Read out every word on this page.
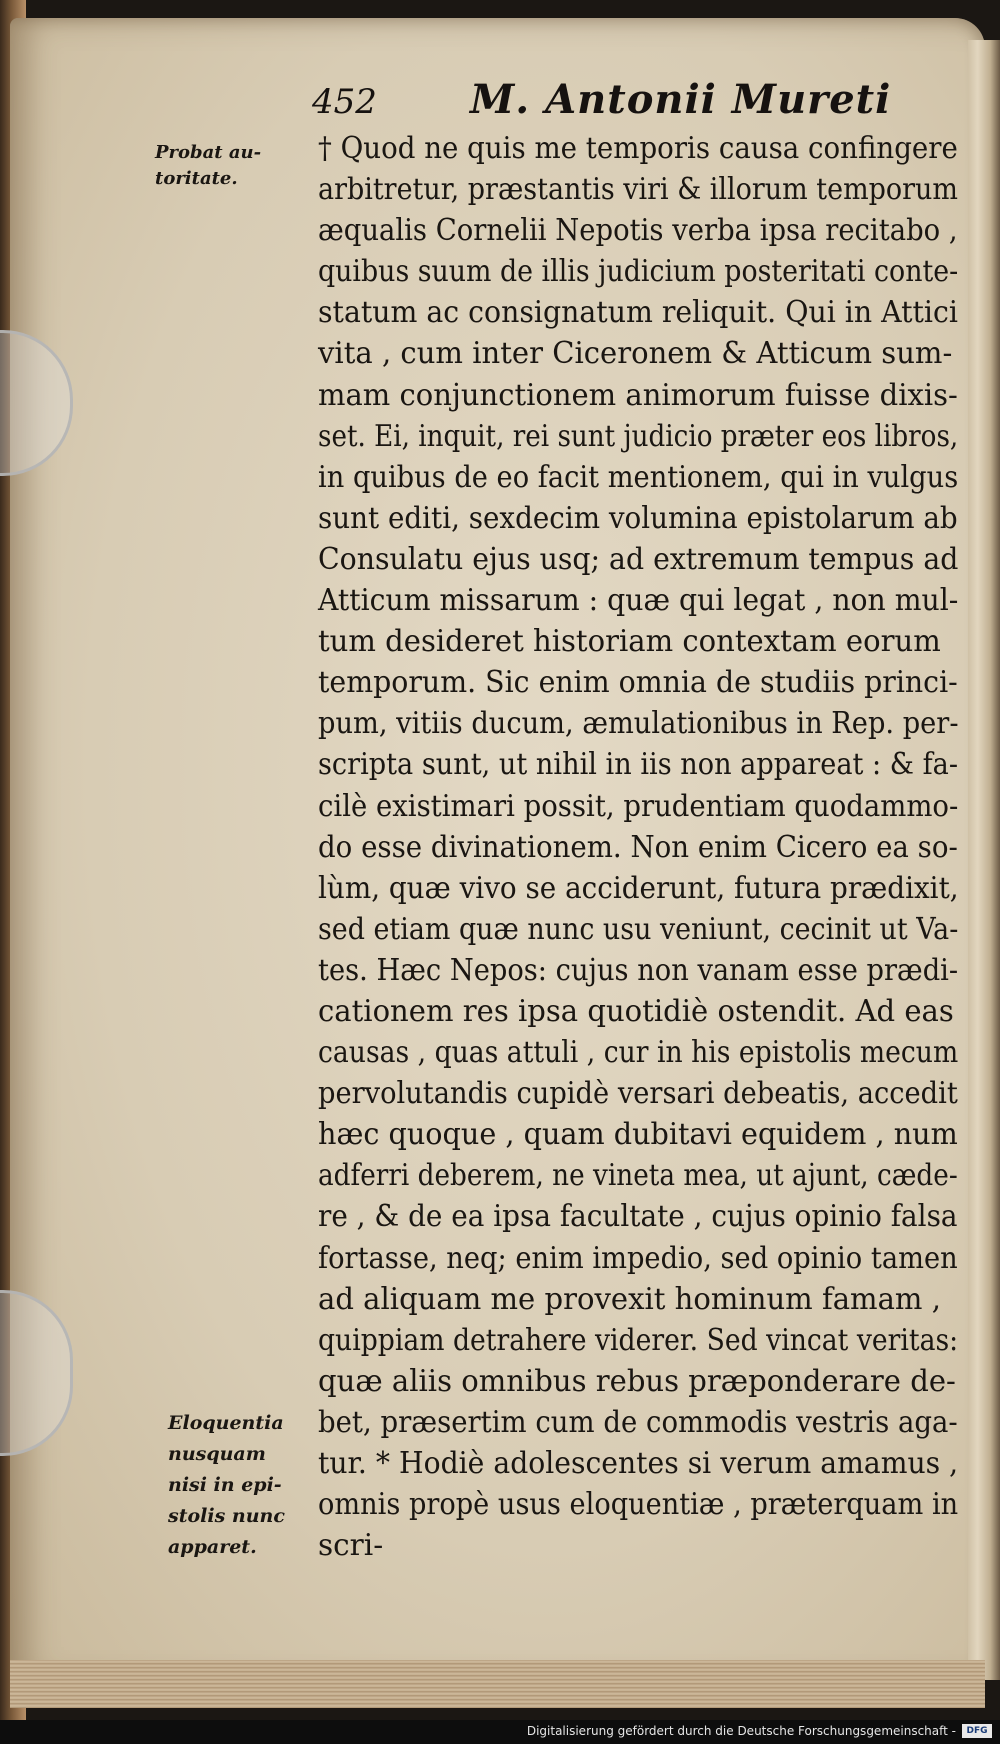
452 M. Antonii Mureti
Probat au-
toritate.
Eloquentia
nusquam
nisi in epi-
stolis nunc
apparet.
† Quod ne quis me temporis causa confingere
arbitretur, præstantis viri & illorum temporum
æqualis Cornelii Nepotis verba ipsa recitabo ,
quibus suum de illis judicium posteritati conte-
statum ac consignatum reliquit. Qui in Attici
vita , cum inter Ciceronem & Atticum sum-
mam conjunctionem animorum fuisse dixis-
set. Ei, inquit, rei sunt judicio præter eos libros,
in quibus de eo facit mentionem, qui in vulgus
sunt editi, sexdecim volumina epistolarum ab
Consulatu ejus usq; ad extremum tempus ad
Atticum missarum : quæ qui legat , non mul-
tum desideret historiam contextam eorum
temporum. Sic enim omnia de studiis princi-
pum, vitiis ducum, æmulationibus in Rep. per-
scripta sunt, ut nihil in iis non appareat : & fa-
cilè existimari possit, prudentiam quodammo-
do esse divinationem. Non enim Cicero ea so-
lùm, quæ vivo se acciderunt, futura prædixit,
sed etiam quæ nunc usu veniunt, cecinit ut Va-
tes. Hæc Nepos: cujus non vanam esse prædi-
cationem res ipsa quotidiè ostendit. Ad eas
causas , quas attuli , cur in his epistolis mecum
pervolutandis cupidè versari debeatis, accedit
hæc quoque , quam dubitavi equidem , num
adferri deberem, ne vineta mea, ut ajunt, cæde-
re , & de ea ipsa facultate , cujus opinio falsa
fortasse, neq; enim impedio, sed opinio tamen
ad aliquam me provexit hominum famam ,
quippiam detrahere viderer. Sed vincat veritas:
quæ aliis omnibus rebus præponderare de-
bet, præsertim cum de commodis vestris aga-
tur. * Hodiè adolescentes si verum amamus ,
omnis propè usus eloquentiæ , præterquam in
scri-
Digitalisierung gefördert durch die Deutsche Forschungsgemeinschaft -	DFG
